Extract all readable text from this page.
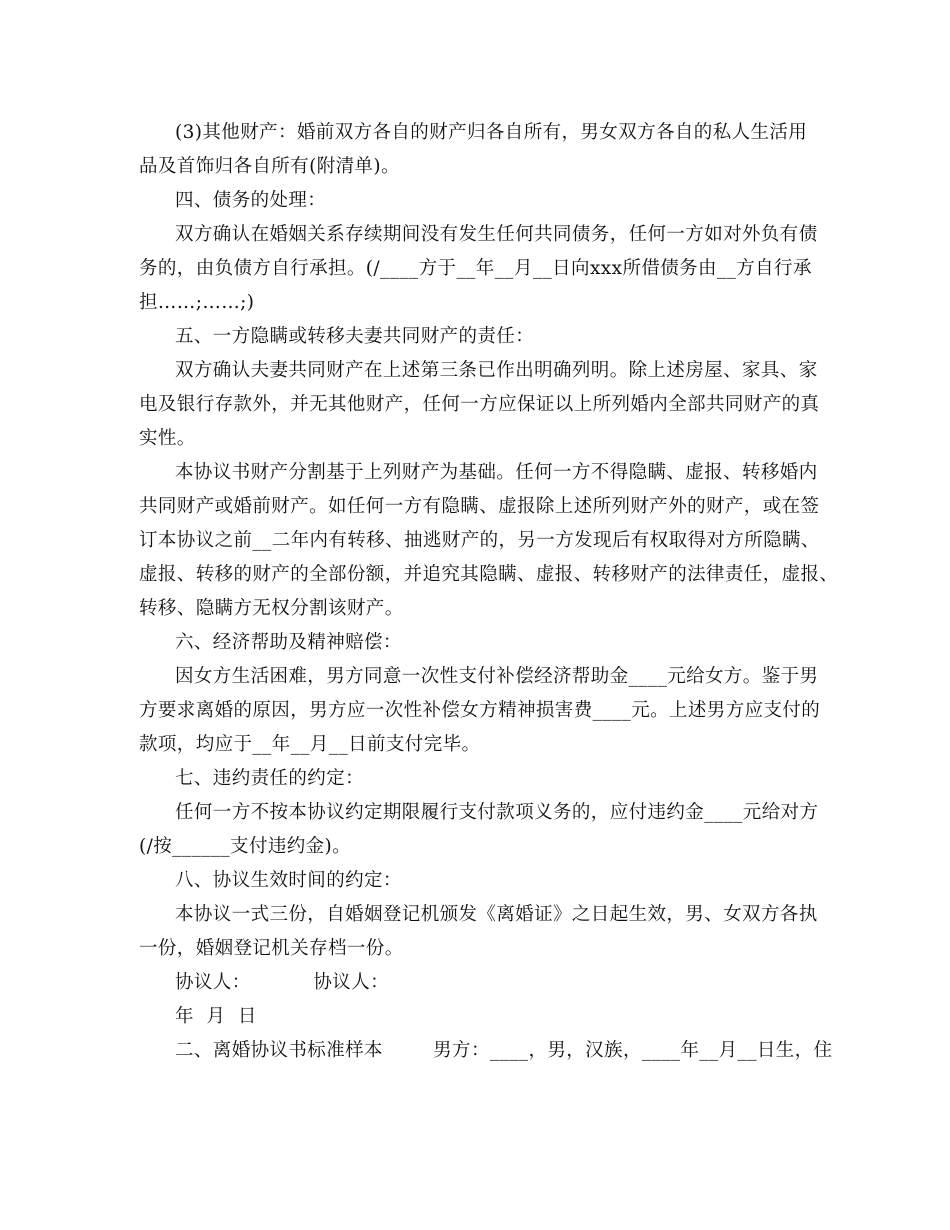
(3)其他财产：婚前双方各自的财产归各自所有，男女双方各自的私人生活用
品及首饰归各自所有(附清单)。
四、债务的处理：
双方确认在婚姻关系存续期间没有发生任何共同债务，任何一方如对外负有债
务的，由负债方自行承担。(/____方于__年__月__日向xxx所借债务由__方自行承
担……;……;)
五、一方隐瞒或转移夫妻共同财产的责任：
双方确认夫妻共同财产在上述第三条已作出明确列明。除上述房屋、家具、家
电及银行存款外，并无其他财产，任何一方应保证以上所列婚内全部共同财产的真
实性。
本协议书财产分割基于上列财产为基础。任何一方不得隐瞒、虚报、转移婚内
共同财产或婚前财产。如任何一方有隐瞒、虚报除上述所列财产外的财产，或在签
订本协议之前__二年内有转移、抽逃财产的，另一方发现后有权取得对方所隐瞒、
虚报、转移的财产的全部份额，并追究其隐瞒、虚报、转移财产的法律责任，虚报、
转移、隐瞒方无权分割该财产。
六、经济帮助及精神赔偿：
因女方生活困难，男方同意一次性支付补偿经济帮助金____元给女方。鉴于男
方要求离婚的原因，男方应一次性补偿女方精神损害费____元。上述男方应支付的
款项，均应于__年__月__日前支付完毕。
七、违约责任的约定：
任何一方不按本协议约定期限履行支付款项义务的，应付违约金____元给对方
(/按______支付违约金)。
八、协议生效时间的约定：
本协议一式三份，自婚姻登记机颁发《离婚证》之日起生效，男、女双方各执
一份，婚姻登记机关存档一份。
协议人：          协议人：
年  月  日
二、离婚协议书标准样本        男方：____，男，汉族，____年__月__日生，住
